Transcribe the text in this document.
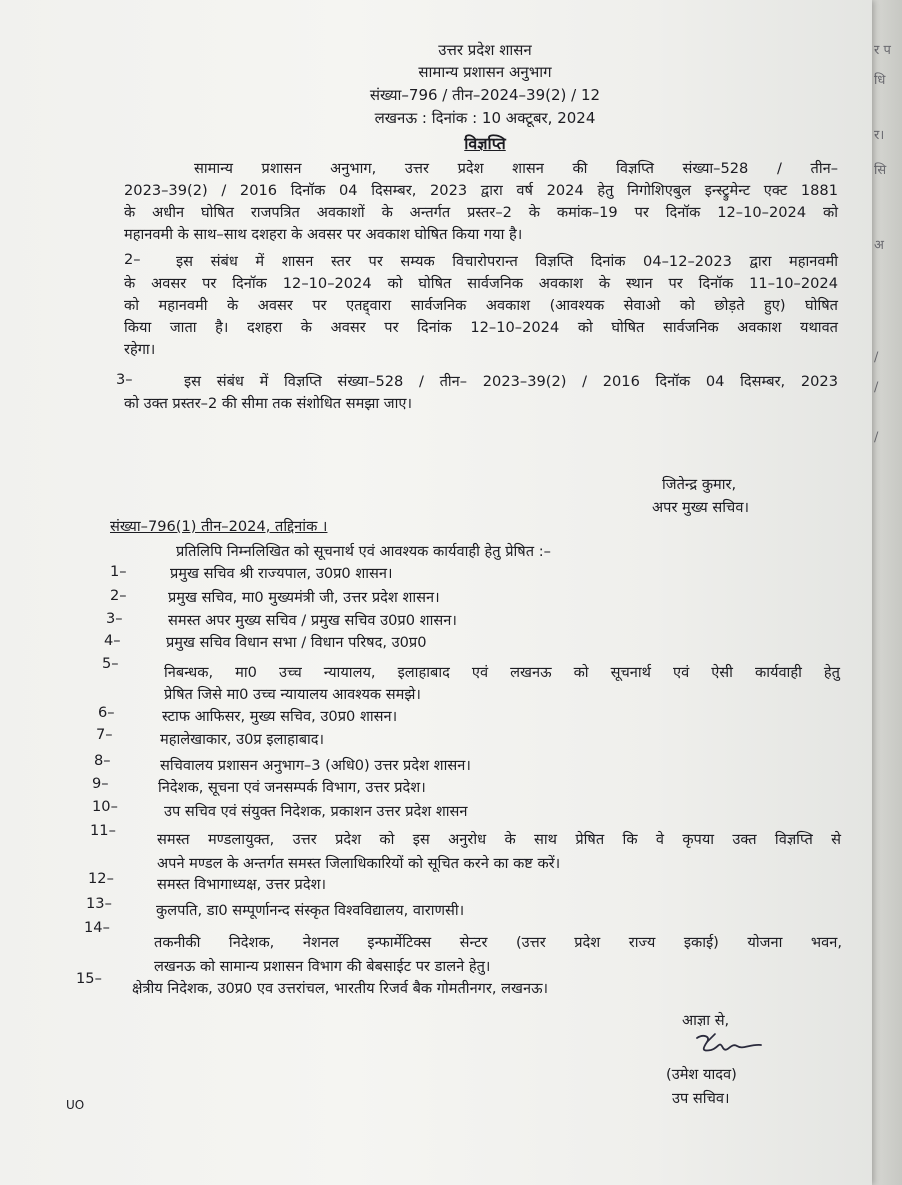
र प
धि
र।
सि
अ
/
/
/
उत्तर प्रदेश शासन
सामान्य प्रशासन अनुभाग
संख्या–796 / तीन–2024–39(2) / 12
लखनऊ : दिनांक : 10 अक्टूबर, 2024
विज्ञप्ति
सामान्य प्रशासन अनुभाग, उत्तर प्रदेश शासन की विज्ञप्ति संख्या–528 / तीन–
2023–39(2) / 2016 दिनॉक 04 दिसम्बर, 2023 द्वारा वर्ष 2024 हेतु निगोशिएबुल इन्स्ट्रुमेन्ट एक्ट 1881
के अधीन घोषित राजपत्रित अवकाशों के अन्तर्गत प्रस्तर–2 के कमांक–19 पर दिनॉक 12–10–2024 को
महानवमी के साथ–साथ दशहरा के अवसर पर अवकाश घोषित किया गया है।
2–	इस संबंध में शासन स्तर पर सम्यक विचारोपरान्त विज्ञप्ति दिनांक 04–12–2023 द्वारा महानवमी
के अवसर पर दिनॉक 12–10–2024 को घोषित सार्वजनिक अवकाश के स्थान पर दिनॉक 11–10–2024
को महानवमी के अवसर पर एतद्द्वारा सार्वजनिक अवकाश (आवश्यक सेवाओ को छोड़ते हुए) घोषित
किया जाता है। दशहरा के अवसर पर दिनांक 12–10–2024 को घोषित सार्वजनिक अवकाश यथावत
रहेगा।
3–	इस संबंध में विज्ञप्ति संख्या–528 / तीन– 2023–39(2) / 2016 दिनॉक 04 दिसम्बर, 2023
को उक्त प्रस्तर–2 की सीमा तक संशोधित समझा जाए।
जितेन्द्र कुमार,
अपर मुख्य सचिव।
संख्या–796(1) तीन–2024, तद्दिनांक ।
प्रतिलिपि निम्नलिखित को सूचनार्थ एवं आवश्यक कार्यवाही हेतु प्रेषित :–
1–	प्रमुख सचिव श्री राज्यपाल, उ0प्र0 शासन।
2–	प्रमुख सचिव, मा0 मुख्यमंत्री जी, उत्तर प्रदेश शासन।
3–	समस्त अपर मुख्य सचिव / प्रमुख सचिव उ0प्र0 शासन।
4–	प्रमुख सचिव विधान सभा / विधान परिषद, उ0प्र0
5–
निबन्धक, मा0 उच्च न्यायालय, इलाहाबाद एवं लखनऊ को सूचनार्थ एवं ऐसी कार्यवाही हेतु
प्रेषित जिसे मा0 उच्च न्यायालय आवश्यक समझे।
6–	स्टाफ आफिसर, मुख्य सचिव, उ0प्र0 शासन।
7–	महालेखाकार, उ0प्र इलाहाबाद।
8–	सचिवालय प्रशासन अनुभाग–3 (अधि0) उत्तर प्रदेश शासन।
9–	निदेशक, सूचना एवं जनसम्पर्क विभाग, उत्तर प्रदेश।
10–	उप सचिव एवं संयुक्त निदेशक, प्रकाशन उत्तर प्रदेश शासन
11–
समस्त मण्डलायुक्त, उत्तर प्रदेश को इस अनुरोध के साथ प्रेषित कि वे कृपया उक्त विज्ञप्ति से
अपने मण्डल के अन्तर्गत समस्त जिलाधिकारियों को सूचित करने का कष्ट करें।
12–	समस्त विभागाध्यक्ष, उत्तर प्रदेश।
13–	कुलपति, डा0 सम्पूर्णानन्द संस्कृत विश्वविद्यालय, वाराणसी।
14–
तकनीकी निदेशक, नेशनल इन्फार्मेटिक्स सेन्टर (उत्तर प्रदेश राज्य इकाई) योजना भवन,
लखनऊ को सामान्य प्रशासन विभाग की बेबसाईट पर डालने हेतु।
15–
क्षेत्रीय निदेशक, उ0प्र0 एव उत्तरांचल, भारतीय रिजर्व बैक गोमतीनगर, लखनऊ।
आज्ञा से,
(उमेश यादव)
उप सचिव।
UO
